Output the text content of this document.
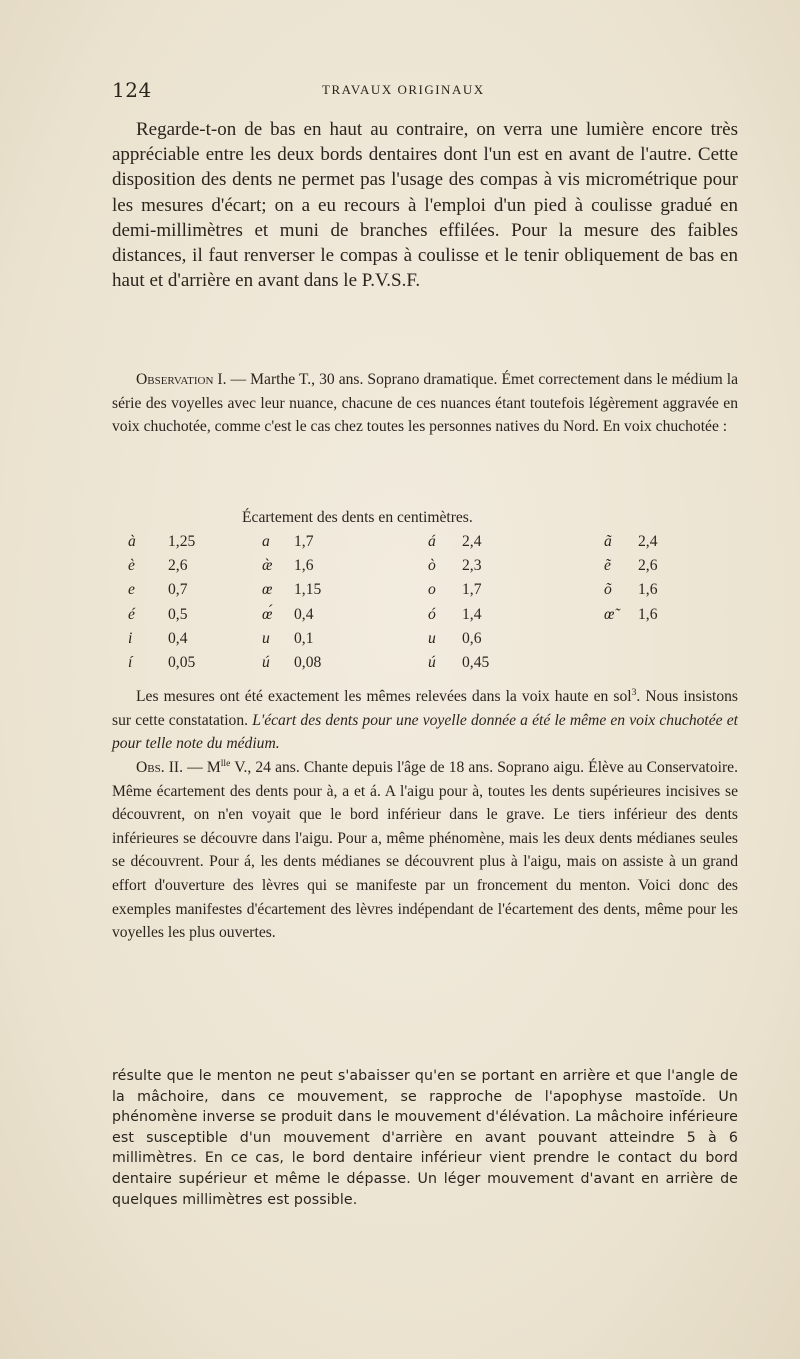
124	TRAVAUX ORIGINAUX

Regarde-t-on de bas en haut au contraire, on verra une lumière encore très appréciable entre les deux bords dentaires dont l'un est en avant de l'autre. Cette disposition des dents ne permet pas l'usage des compas à vis micrométrique pour les mesures d'écart; on a eu recours à l'emploi d'un pied à coulisse gradué en demi-millimètres et muni de branches effilées. Pour la mesure des faibles distances, il faut renverser le compas à coulisse et le tenir obliquement de bas en haut et d'arrière en avant dans le P.V.S.F.

Observation I. — Marthe T., 30 ans. Soprano dramatique. Émet correctement dans le médium la série des voyelles avec leur nuance, chacune de ces nuances étant toutefois légèrement aggravée en voix chuchotée, comme c'est le cas chez toutes les personnes natives du Nord. En voix chuchotée :

Écartement des dents en centimètres.
à 1,25
è 2,6
e 0,7
é 0,5
i 0,4
í 0,05
a 1,7
æ̀ 1,6
œ 1,15
œ́ 0,4
u 0,1
ú 0,08
á 2,4
ò 2,3
o 1,7
ó 1,4
u 0,6
ú 0,45
ã 2,4
ẽ 2,6
õ 1,6
œ̃ 1,6

Les mesures ont été exactement les mêmes relevées dans la voix haute en sol$^3$. Nous insistons sur cette constatation. L'écart des dents pour une voyelle donnée a été le même en voix chuchotée et pour telle note du médium.

Obs. II. — $M^{lle}$ V., 24 ans. Chante depuis l'âge de 18 ans. Soprano aigu. Élève au Conservatoire. Même écartement des dents pour à, a et á. A l'aigu pour à, toutes les dents supérieures incisives se découvrent, on n'en voyait que le bord inférieur dans le grave. Le tiers inférieur des dents inférieures se découvre dans l'aigu. Pour a, même phénomène, mais les deux dents médianes seules se découvrent. Pour á, les dents médianes se découvrent plus à l'aigu, mais on assiste à un grand effort d'ouverture des lèvres qui se manifeste par un froncement du menton. Voici donc des exemples manifestes d'écartement des lèvres indépendant de l'écartement des dents, même pour les voyelles les plus ouvertes.

résulte que le menton ne peut s'abaisser qu'en se portant en arrière et que l'angle de la mâchoire, dans ce mouvement, se rapproche de l'apophyse mastoïde. Un phénomène inverse se produit dans le mouvement d'élévation. La mâchoire inférieure est susceptible d'un mouvement d'arrière en avant pouvant atteindre 5 à 6 millimètres. En ce cas, le bord dentaire inférieur vient prendre le contact du bord dentaire supérieur et même le dépasse. Un léger mouvement d'avant en arrière de quelques millimètres est possible.
